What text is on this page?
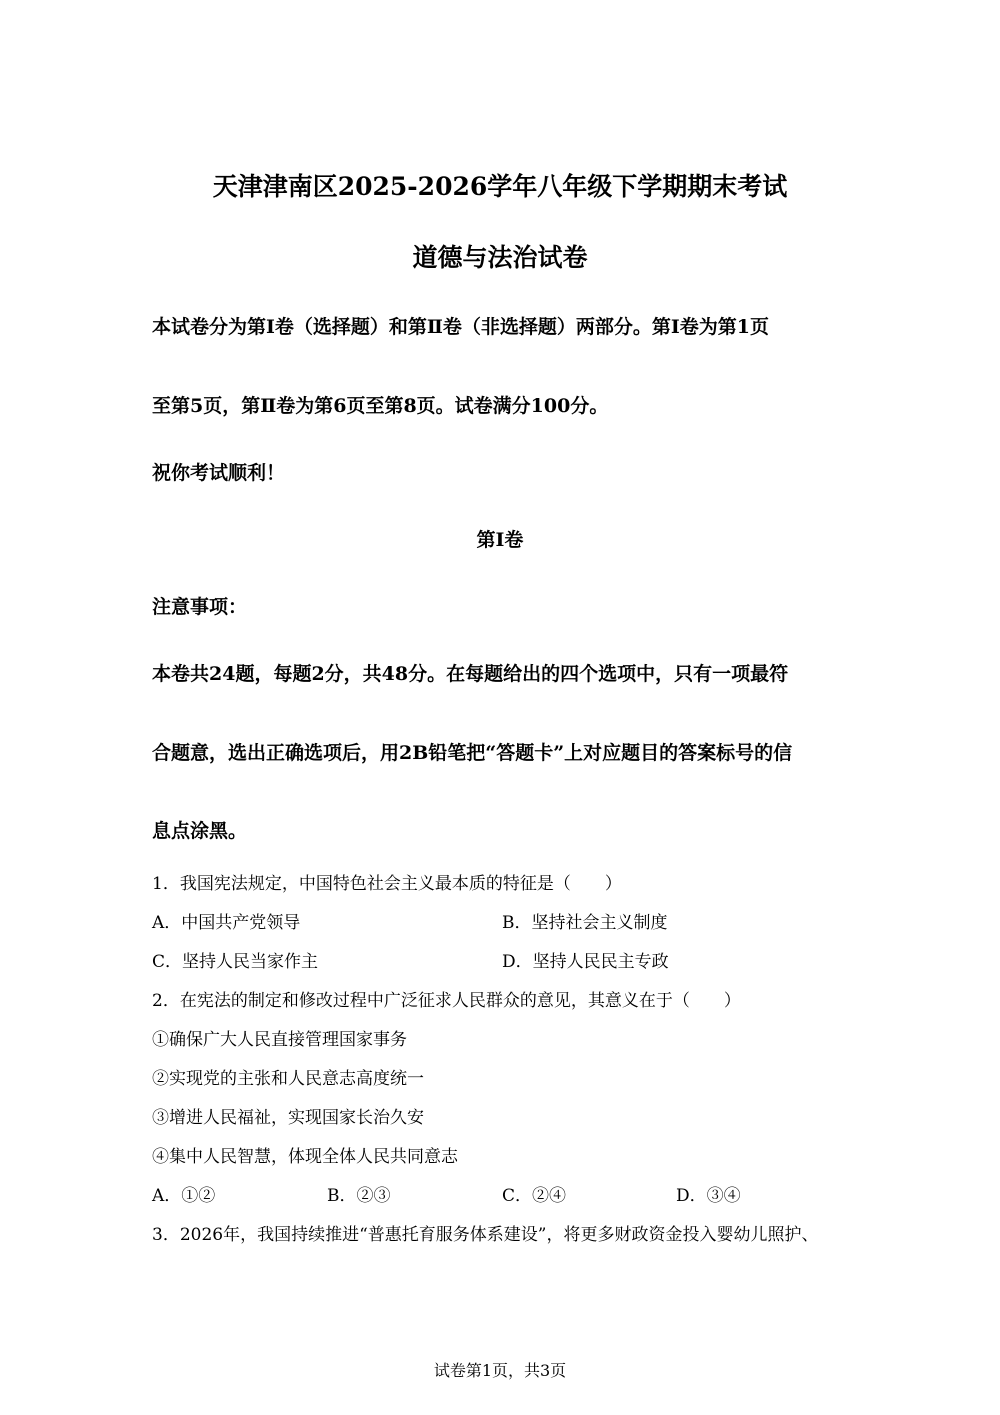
天津津南区2025-2026学年八年级下学期期末考试
道德与法治试卷
本试卷分为第Ⅰ卷（选择题）和第Ⅱ卷（非选择题）两部分。第Ⅰ卷为第1页
至第5页，第Ⅱ卷为第6页至第8页。试卷满分100分。
祝你考试顺利！
第Ⅰ卷
注意事项：
本卷共24题，每题2分，共48分。在每题给出的四个选项中，只有一项最符
合题意，选出正确选项后，用2B铅笔把“答题卡”上对应题目的答案标号的信
息点涂黑。
1．我国宪法规定，中国特色社会主义最本质的特征是（　　）
A．中国共产党领导	B．坚持社会主义制度
C．坚持人民当家作主	D．坚持人民民主专政
2．在宪法的制定和修改过程中广泛征求人民群众的意见，其意义在于（　　）
①确保广大人民直接管理国家事务
②实现党的主张和人民意志高度统一
③增进人民福祉，实现国家长治久安
④集中人民智慧，体现全体人民共同意志
A．①②	B．②③	C．②④	D．③④
3．2026年，我国持续推进“普惠托育服务体系建设”，将更多财政资金投入婴幼儿照护、
试卷第1页，共3页
